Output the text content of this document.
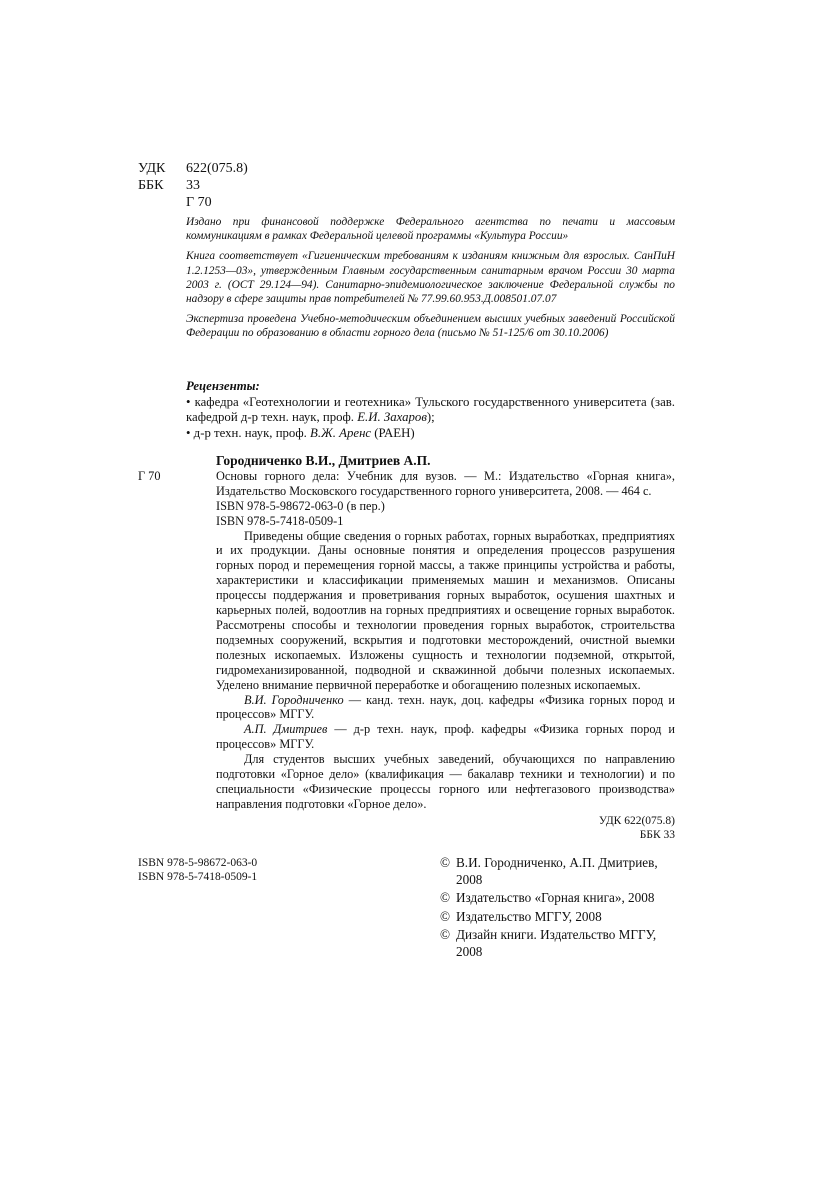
УДК	622(075.8)
ББК	33
Г 70

Издано при финансовой поддержке Федерального агентства по печати и массовым коммуникациям в рамках Федеральной целевой программы «Культура России»

Книга соответствует «Гигиеническим требованиям к изданиям книжным для взрослых. СанПиН 1.2.1253—03», утвержденным Главным государственным санитарным врачом России 30 марта 2003 г. (ОСТ 29.124—94). Санитарно-эпидемиологическое заключение Федеральной службы по надзору в сфере защиты прав потребителей № 77.99.60.953.Д.008501.07.07

Экспертиза проведена Учебно-методическим объединением высших учебных заведений Российской Федерации по образованию в области горного дела (письмо № 51-125/6 от 30.10.2006)

Рецензенты:

• кафедра «Геотехнологии и геотехника» Тульского государственного университета (зав. кафедрой д-р техн. наук, проф. Е.И. Захаров);

• д-р техн. наук, проф. В.Ж. Аренс (РАЕН)

Городниченко В.И., Дмитриев А.П.
Г 70	Основы горного дела: Учебник для вузов. — М.: Издательство «Горная книга», Издательство Московского государственного горного университета, 2008. — 464 с.

ISBN 978-5-98672-063-0 (в пер.)

ISBN 978-5-7418-0509-1

Приведены общие сведения о горных работах, горных выработках, предприятиях и их продукции. Даны основные понятия и определения процессов разрушения горных пород и перемещения горной массы, а также принципы устройства и работы, характеристики и классификации применяемых машин и механизмов. Описаны процессы поддержания и проветривания горных выработок, осушения шахтных и карьерных полей, водоотлив на горных предприятиях и освещение горных выработок. Рассмотрены способы и технологии проведения горных выработок, строительства подземных сооружений, вскрытия и подготовки месторождений, очистной выемки полезных ископаемых. Изложены сущность и технологии подземной, открытой, гидромеханизированной, подводной и скважинной добычи полезных ископаемых. Уделено внимание первичной переработке и обогащению полезных ископаемых.

В.И. Городниченко — канд. техн. наук, доц. кафедры «Физика горных пород и процессов» МГГУ.

А.П. Дмитриев — д-р техн. наук, проф. кафедры «Физика горных пород и процессов» МГГУ.

Для студентов высших учебных заведений, обучающихся по направлению подготовки «Горное дело» (квалификация — бакалавр техники и технологии) и по специальности «Физические процессы горного или нефтегазового производства» направления подготовки «Горное дело».

УДК 622(075.8)
ББК 33
ISBN 978-5-98672-063-0
ISBN 978-5-7418-0509-1
© В.И. Городниченко, А.П. Дмитриев, 2008
© Издательство «Горная книга», 2008
© Издательство МГГУ, 2008
© Дизайн книги. Издательство МГГУ, 2008
